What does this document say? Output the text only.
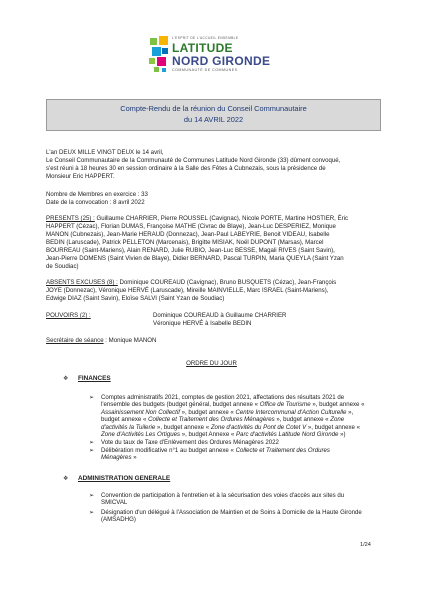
L'ESPRIT DE L'ACCUEIL ENSEMBLE
LATITUDE
NORD GIRONDE
COMMUNAUTÉ DE COMMUNES
Compte-Rendu de la réunion du Conseil Communautaire
du 14 AVRIL 2022
L'an DEUX MILLE VINGT DEUX le 14 avril,
Le Conseil Communautaire de la Communauté de Communes Latitude Nord Gironde (33) dûment convoqué,
s'est réuni à 18 heures 30 en session ordinaire à la Salle des Fêtes à Cubnezais, sous la présidence de
Monsieur Eric HAPPERT.
Nombre de Membres en exercice : 33
Date de la convocation : 8 avril 2022
PRESENTS (25) : Guillaume CHARRIER, Pierre ROUSSEL (Cavignac), Nicole PORTE, Martine HOSTIER, Éric
HAPPERT (Cézac), Florian DUMAS, Françoise MATHE (Civrac de Blaye), Jean-Luc DESPERIEZ, Monique
MANON (Cubnezais), Jean-Marie HERAUD (Donnezac), Jean-Paul LABEYRIE, Benoit VIDEAU, Isabelle
BEDIN (Laruscade), Patrick PELLETON (Marcenais), Brigitte MISIAK, Noël DUPONT (Marsas), Marcel
BOURREAU (Saint-Mariens), Alain RENARD, Julie RUBIO, Jean-Luc BESSE, Magali RIVES (Saint Savin),
Jean-Pierre DOMENS (Saint Vivien de Blaye), Didier BERNARD, Pascal TURPIN, Maria QUEYLA (Saint Yzan
de Soudiac)
ABSENTS EXCUSES (8) : Dominique COUREAUD (Cavignac), Bruno BUSQUETS (Cézac), Jean-François
JOYE (Donnezac), Véronique HERVÉ (Laruscade), Mireille MAINVIELLE, Marc ISRAEL (Saint-Mariens),
Edwige DIAZ (Saint Savin), Eloïse SALVI (Saint Yzan de Soudiac)
POUVOIRS (2) :	Dominique COUREAUD à Guillaume CHARRIER
Véronique HERVÉ à Isabelle BEDIN
Secrétaire de séance : Monique MANON
ORDRE DU JOUR
❖ FINANCES
➢ Comptes administratifs 2021, comptes de gestion 2021, affectations des résultats 2021 de
l'ensemble des budgets (budget général, budget annexe « Office de Tourisme », budget annexe «
Assainissement Non Collectif », budget annexe « Centre Intercommunal d'Action Culturelle »,
budget annexe « Collecte et Traitement des Ordures Ménagères », budget annexe « Zone
d'activités la Tuilerie », budget annexe « Zone d'activités du Pont de Cotet V », budget annexe «
Zone d'Activités Les Ortigues », budget Annexe « Parc d'activités Latitude Nord Gironde »)
➢ Vote du taux de Taxe d'Enlèvement des Ordures Ménagères 2022
➢ Délibération modificative n°1 au budget annexe « Collecte et Traitement des Ordures
Ménagères »
❖ ADMINISTRATION GENERALE
➢ Convention de participation à l'entretien et à la sécurisation des voies d'accès aux sites du
SMICVAL
➢ Désignation d'un délégué à l'Association de Maintien et de Soins à Domicile de la Haute Gironde
(AMSADHG)
1/24
